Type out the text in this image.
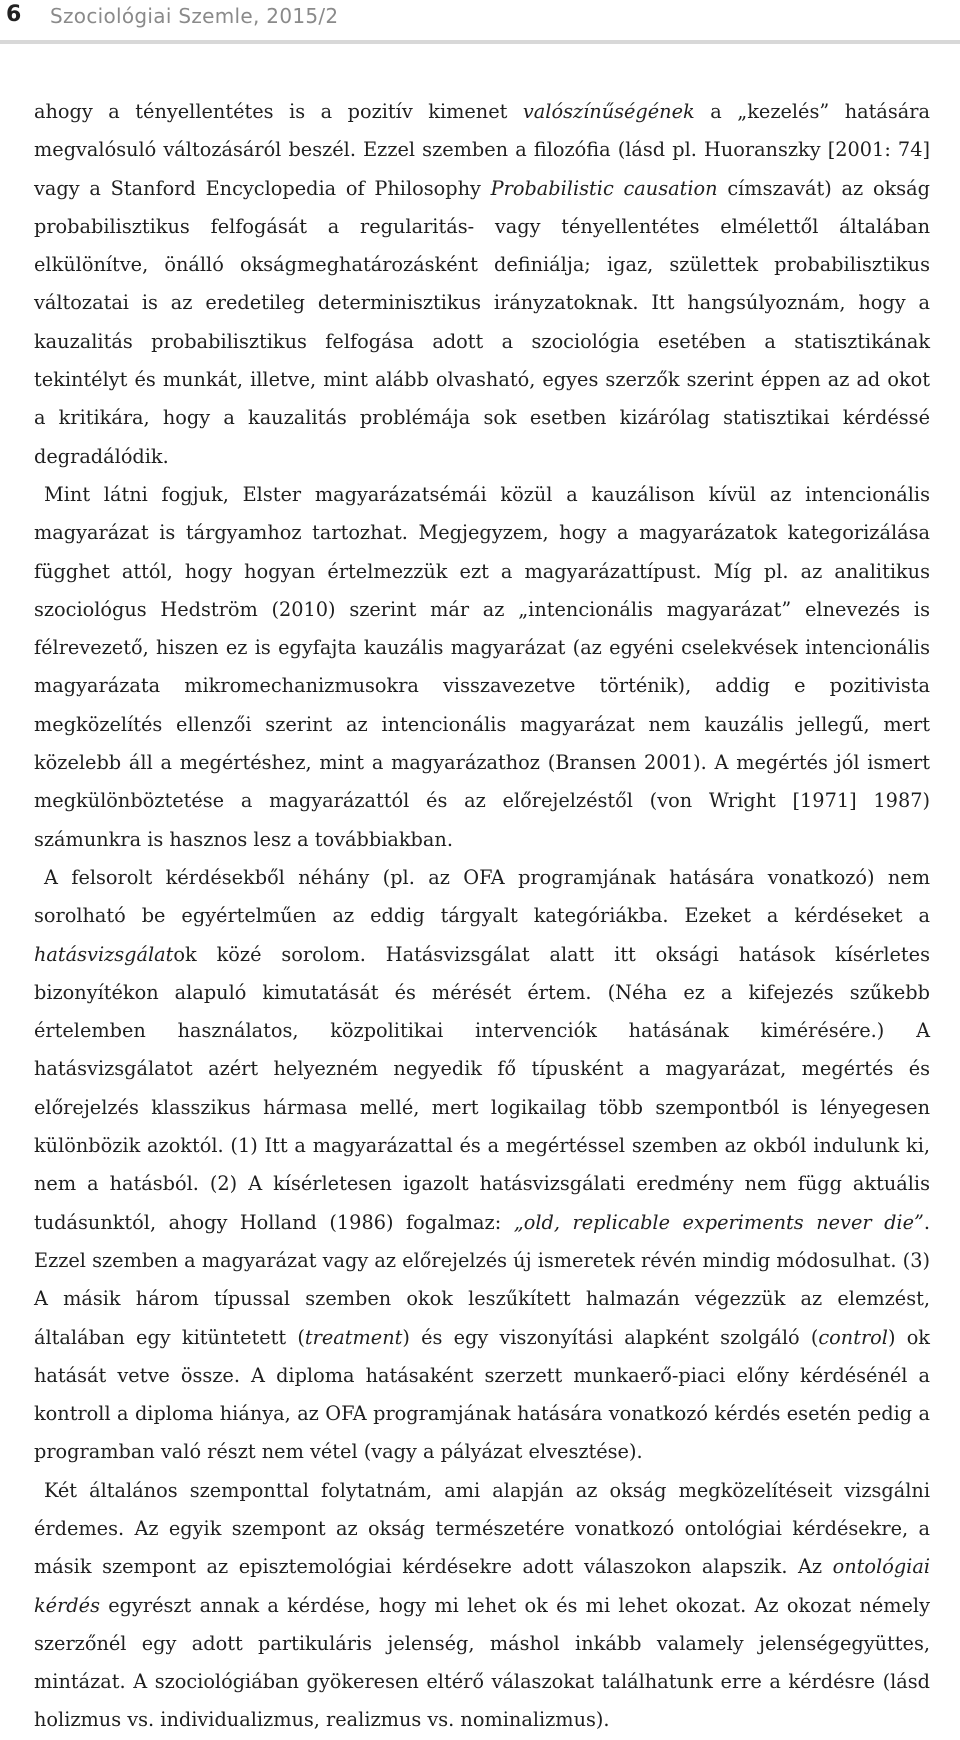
6 Szociológiai Szemle, 2015/2

ahogy a tényellentétes is a pozitív kimenet valószínűségének a „kezelés” hatására megvalósuló változásáról beszél. Ezzel szemben a filozófia (lásd pl. Huoranszky [2001: 74] vagy a Stanford Encyclopedia of Philosophy Probabilistic causation címszavát) az okság probabilisztikus felfogását a regularitás- vagy tényellentétes elmélettől általában elkülönítve, önálló okságmeghatározásként definiálja; igaz, születtek probabilisztikus változatai is az eredetileg determinisztikus irányzatoknak. Itt hangsúlyoznám, hogy a kauzalitás probabilisztikus felfogása adott a szociológia esetében a statisztikának tekintélyt és munkát, illetve, mint alább olvasható, egyes szerzők szerint éppen az ad okot a kritikára, hogy a kauzalitás problémája sok esetben kizárólag statisztikai kérdéssé degradálódik.

Mint látni fogjuk, Elster magyarázatsémái közül a kauzálison kívül az intencionális magyarázat is tárgyamhoz tartozhat. Megjegyzem, hogy a magyarázatok kategorizálása függhet attól, hogy hogyan értelmezzük ezt a magyarázattípust. Míg pl. az analitikus szociológus Hedström (2010) szerint már az „intencionális magyarázat” elnevezés is félrevezető, hiszen ez is egyfajta kauzális magyarázat (az egyéni cselekvések intencionális magyarázata mikromechanizmusokra visszavezetve történik), addig e pozitivista megközelítés ellenzői szerint az intencionális magyarázat nem kauzális jellegű, mert közelebb áll a megértéshez, mint a magyarázathoz (Bransen 2001). A megértés jól ismert megkülönböztetése a magyarázattól és az előrejelzéstől (von Wright [1971] 1987) számunkra is hasznos lesz a továbbiakban.

A felsorolt kérdésekből néhány (pl. az OFA programjának hatására vonatkozó) nem sorolható be egyértelműen az eddig tárgyalt kategóriákba. Ezeket a kérdéseket a hatásvizsgálatok közé sorolom. Hatásvizsgálat alatt itt oksági hatások kísérletes bizonyítékon alapuló kimutatását és mérését értem. (Néha ez a kifejezés szűkebb értelemben használatos, közpolitikai intervenciók hatásának kimérésére.) A hatásvizsgálatot azért helyezném negyedik fő típusként a magyarázat, megértés és előrejelzés klasszikus hármasa mellé, mert logikailag több szempontból is lényegesen különbözik azoktól. (1) Itt a magyarázattal és a megértéssel szemben az okból indulunk ki, nem a hatásból. (2) A kísérletesen igazolt hatásvizsgálati eredmény nem függ aktuális tudásunktól, ahogy Holland (1986) fogalmaz: „old, replicable experiments never die”. Ezzel szemben a magyarázat vagy az előrejelzés új ismeretek révén mindig módosulhat. (3) A másik három típussal szemben okok leszűkített halmazán végezzük az elemzést, általában egy kitüntetett (treatment) és egy viszonyítási alapként szolgáló (control) ok hatását vetve össze. A diploma hatásaként szerzett munkaerő-piaci előny kérdésénél a kontroll a diploma hiánya, az OFA programjának hatására vonatkozó kérdés esetén pedig a programban való részt nem vétel (vagy a pályázat elvesztése).

Két általános szemponttal folytatnám, ami alapján az okság megközelítéseit vizsgálni érdemes. Az egyik szempont az okság természetére vonatkozó ontológiai kérdésekre, a másik szempont az episztemológiai kérdésekre adott válaszokon alapszik. Az ontológiai kérdés egyrészt annak a kérdése, hogy mi lehet ok és mi lehet okozat. Az okozat némely szerzőnél egy adott partikuláris jelenség, máshol inkább valamely jelenségegyüttes, mintázat. A szociológiában gyökeresen eltérő válaszokat találhatunk erre a kérdésre (lásd holizmus vs. individualizmus, realizmus vs. nominalizmus).
